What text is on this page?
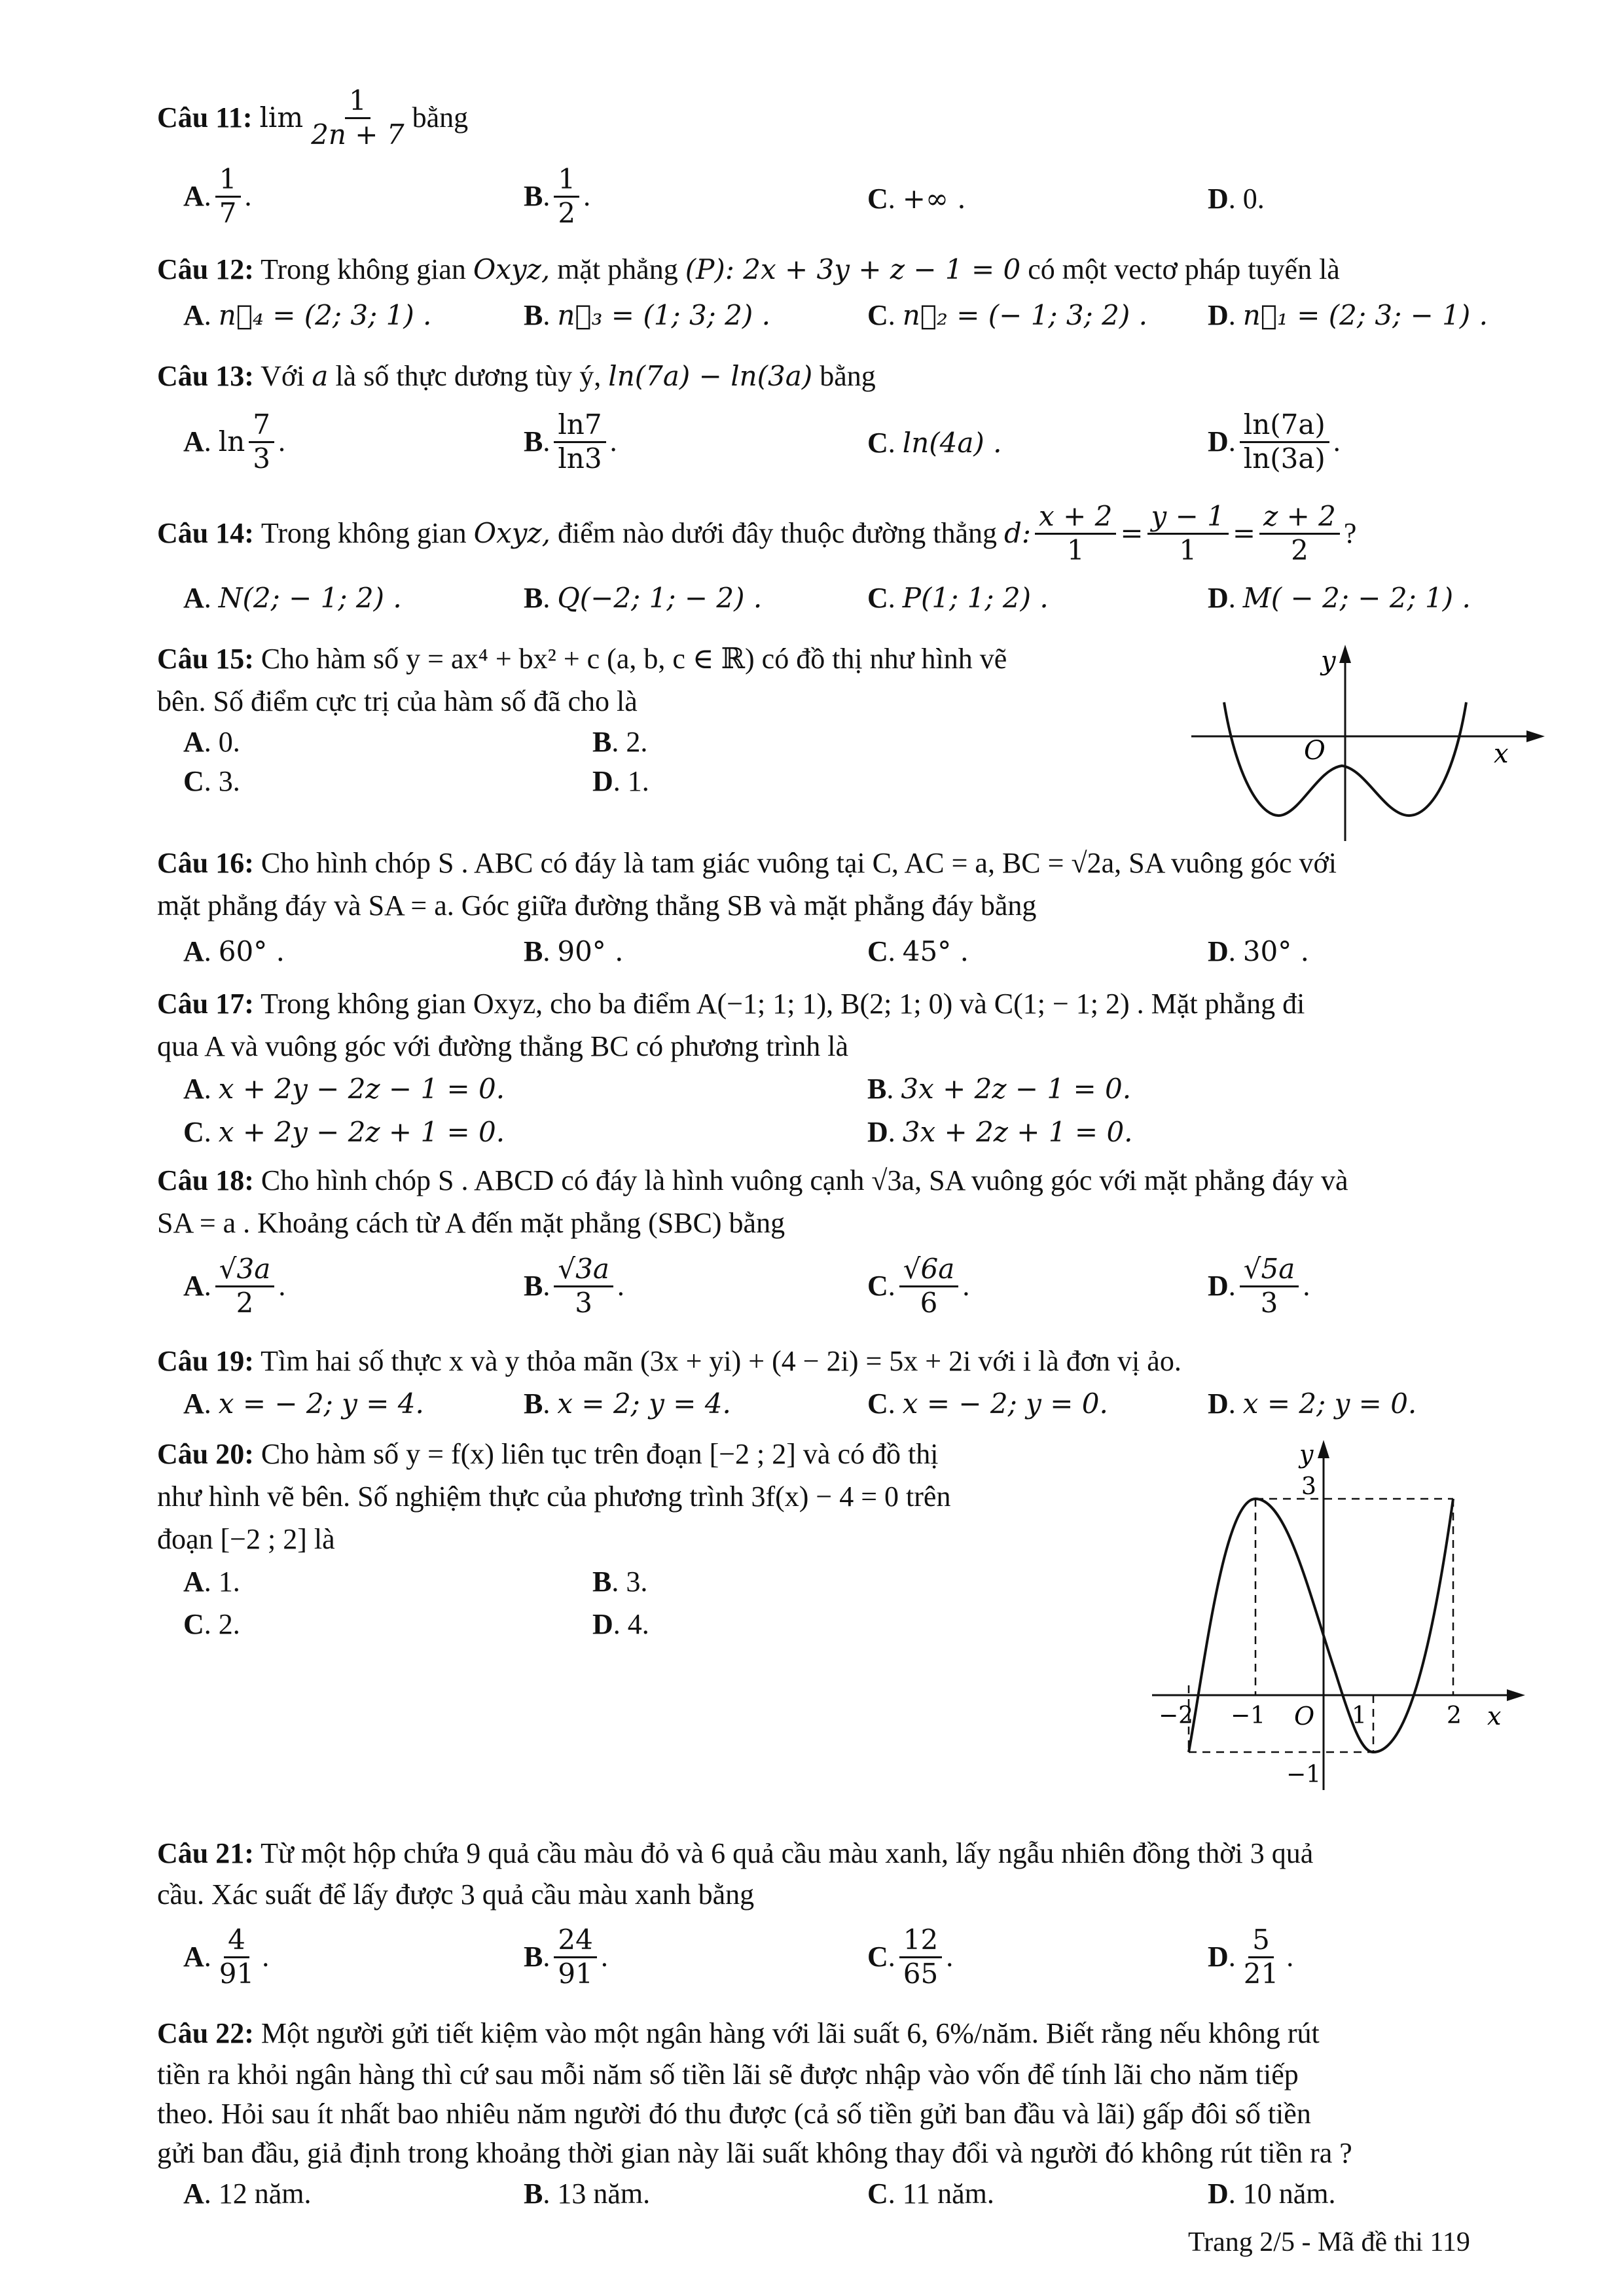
Câu 11:
$\lim \frac{1}{2n + 7}$ bằng
A . $\frac{1}{7}$ .	B . $\frac{1}{2}$ .	C. +∞ .	D. 0.
Câu 12: Trong không gian Oxyz, mặt phẳng (P): 2x + 3y + z − 1 = 0 có một vectơ pháp tuyến là
A. n⃗₄ = (2; 3; 1) .	B. n⃗₃ = (1; 3; 2) .	C. n⃗₂ = (− 1; 3; 2) . D. n⃗₁ = (2; 3; − 1) .
Câu 13: Với a là số thực dương tùy ý, ln(7a) − ln(3a) bằng
A . $\ln \frac{7}{3}$ .	B . $\frac{\ln 7}{\ln 3}$ .	C. ln(4a) .	D . $\frac{\ln(7a)}{\ln(3a)}$ .
Câu 14:
Trong không gian
Oxyz,
điểm nào dưới đây thuộc đường thẳng
d: $\frac{x + 2}{1} = \frac{y - 1}{1} = \frac{z + 2}{2}$ ?
A. N(2; − 1; 2) .	B. Q(−2; 1; − 2) .	C. P(1; 1; 2) .	D. M( − 2; − 2; 1) .
Câu 15: Cho hàm số y = ax⁴ + bx² + c (a, b, c ∈ ℝ) có đồ thị như hình vẽ
bên. Số điểm cực trị của hàm số đã cho là
A. 0.	B. 2.
C. 3.	D. 1.
y
x
O
Câu 16: Cho hình chóp S . ABC có đáy là tam giác vuông tại C, AC = a, BC = √2a, SA vuông góc với
mặt phẳng đáy và SA = a. Góc giữa đường thẳng SB và mặt phẳng đáy bằng
A. 60° .	B. 90° .	C. 45° .	D. 30° .
Câu 17: Trong không gian Oxyz, cho ba điểm A(−1; 1; 1), B(2; 1; 0) và C(1; − 1; 2) . Mặt phẳng đi
qua A và vuông góc với đường thẳng BC có phương trình là
A. x + 2y − 2z − 1 = 0.	B. 3x + 2z − 1 = 0.
C. x + 2y − 2z + 1 = 0.	D. 3x + 2z + 1 = 0.
Câu 18: Cho hình chóp S . ABCD có đáy là hình vuông cạnh √3a, SA vuông góc với mặt phẳng đáy và
SA = a . Khoảng cách từ A đến mặt phẳng (SBC) bằng
A . $\frac{√3a}{2}$ .	B . $\frac{√3a}{3}$ .	C . $\frac{√6a}{6}$ .	D . $\frac{√5a}{3}$ .
Câu 19: Tìm hai số thực x và y thỏa mãn (3x + yi) + (4 − 2i) = 5x + 2i với i là đơn vị ảo.
A. x = − 2; y = 4.	B. x = 2; y = 4.	C. x = − 2; y = 0.	D. x = 2; y = 0.
Câu 20: Cho hàm số y = f(x) liên tục trên đoạn [−2 ; 2] và có đồ thị
như hình vẽ bên. Số nghiệm thực của phương trình 3f(x) − 4 = 0 trên
đoạn [−2 ; 2] là
A. 1.	B. 3.
C. 2.	D. 4.
y
3
x
O
−2 −1	1	2
−1
Câu 21: Từ một hộp chứa 9 quả cầu màu đỏ và 6 quả cầu màu xanh, lấy ngẫu nhiên đồng thời 3 quả
cầu. Xác suất để lấy được 3 quả cầu màu xanh bằng
A . $\frac{4}{91}$ .	B . $\frac{24}{91}$ .	C . $\frac{12}{65}$ .	D . $\frac{5}{21}$ .
Câu 22: Một người gửi tiết kiệm vào một ngân hàng với lãi suất 6, 6%/năm. Biết rằng nếu không rút
tiền ra khỏi ngân hàng thì cứ sau mỗi năm số tiền lãi sẽ được nhập vào vốn để tính lãi cho năm tiếp
theo. Hỏi sau ít nhất bao nhiêu năm người đó thu được (cả số tiền gửi ban đầu và lãi) gấp đôi số tiền
gửi ban đầu, giả định trong khoảng thời gian này lãi suất không thay đổi và người đó không rút tiền ra ?
A. 12 năm.	B. 13 năm.	C. 11 năm.	D. 10 năm.
Trang 2/5 - Mã đề thi 119
